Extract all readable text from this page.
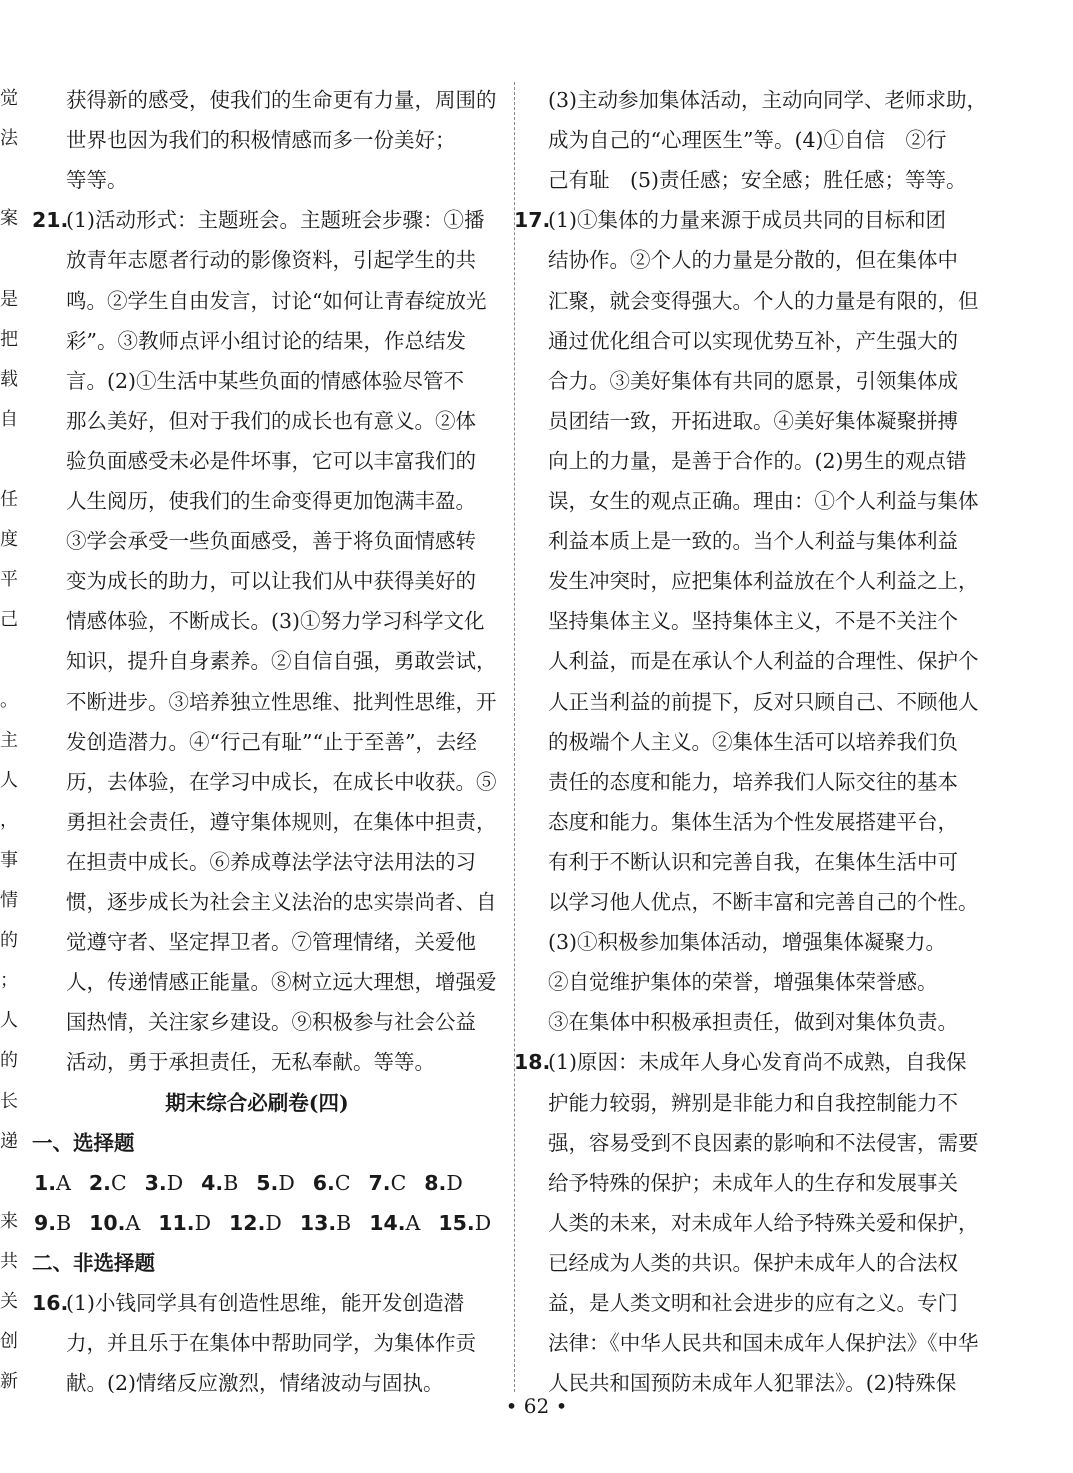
觉
法
案
是
把
载
自
任
度
平
己
。
主
人
，
事
情
的
；
人
的
长
递
来
共
关
创
新
获得新的感受，使我们的生命更有力量，周围的
世界也因为我们的积极情感而多一份美好；
等等。
21.
(1)活动形式：主题班会。主题班会步骤：①播
放青年志愿者行动的影像资料，引起学生的共
鸣。②学生自由发言，讨论“如何让青春绽放光
彩”。③教师点评小组讨论的结果，作总结发
言。(2)①生活中某些负面的情感体验尽管不
那么美好，但对于我们的成长也有意义。②体
验负面感受未必是件坏事，它可以丰富我们的
人生阅历，使我们的生命变得更加饱满丰盈。
③学会承受一些负面感受，善于将负面情感转
变为成长的助力，可以让我们从中获得美好的
情感体验，不断成长。(3)①努力学习科学文化
知识，提升自身素养。②自信自强，勇敢尝试，
不断进步。③培养独立性思维、批判性思维，开
发创造潜力。④“行己有耻”“止于至善”，去经
历，去体验，在学习中成长，在成长中收获。⑤
勇担社会责任，遵守集体规则，在集体中担责，
在担责中成长。⑥养成尊法学法守法用法的习
惯，逐步成长为社会主义法治的忠实崇尚者、自
觉遵守者、坚定捍卫者。⑦管理情绪，关爱他
人，传递情感正能量。⑧树立远大理想，增强爱
国热情，关注家乡建设。⑨积极参与社会公益
活动，勇于承担责任，无私奉献。等等。
期末综合必刷卷(四)
一、选择题
1.A 2.C 3.D 4.B 5.D 6.C 7.C 8.D
9.B 10.A 11.D 12.D 13.B 14.A 15.D
二、非选择题
16.
(1)小钱同学具有创造性思维，能开发创造潜
力，并且乐于在集体中帮助同学，为集体作贡
献。(2)情绪反应激烈，情绪波动与固执。
(3)主动参加集体活动，主动向同学、老师求助，
成为自己的“心理医生”等。(4)①自信　②行
己有耻　(5)责任感；安全感；胜任感；等等。
17.
(1)①集体的力量来源于成员共同的目标和团
结协作。②个人的力量是分散的，但在集体中
汇聚，就会变得强大。个人的力量是有限的，但
通过优化组合可以实现优势互补，产生强大的
合力。③美好集体有共同的愿景，引领集体成
员团结一致，开拓进取。④美好集体凝聚拼搏
向上的力量，是善于合作的。(2)男生的观点错
误，女生的观点正确。理由：①个人利益与集体
利益本质上是一致的。当个人利益与集体利益
发生冲突时，应把集体利益放在个人利益之上，
坚持集体主义。坚持集体主义，不是不关注个
人利益，而是在承认个人利益的合理性、保护个
人正当利益的前提下，反对只顾自己、不顾他人
的极端个人主义。②集体生活可以培养我们负
责任的态度和能力，培养我们人际交往的基本
态度和能力。集体生活为个性发展搭建平台，
有利于不断认识和完善自我，在集体生活中可
以学习他人优点，不断丰富和完善自己的个性。
(3)①积极参加集体活动，增强集体凝聚力。
②自觉维护集体的荣誉，增强集体荣誉感。
③在集体中积极承担责任，做到对集体负责。
18.
(1)原因：未成年人身心发育尚不成熟，自我保
护能力较弱，辨别是非能力和自我控制能力不
强，容易受到不良因素的影响和不法侵害，需要
给予特殊的保护；未成年人的生存和发展事关
人类的未来，对未成年人给予特殊关爱和保护，
已经成为人类的共识。保护未成年人的合法权
益，是人类文明和社会进步的应有之义。专门
法律：《中华人民共和国未成年人保护法》《中华
人民共和国预防未成年人犯罪法》。(2)特殊保
• 62 •
